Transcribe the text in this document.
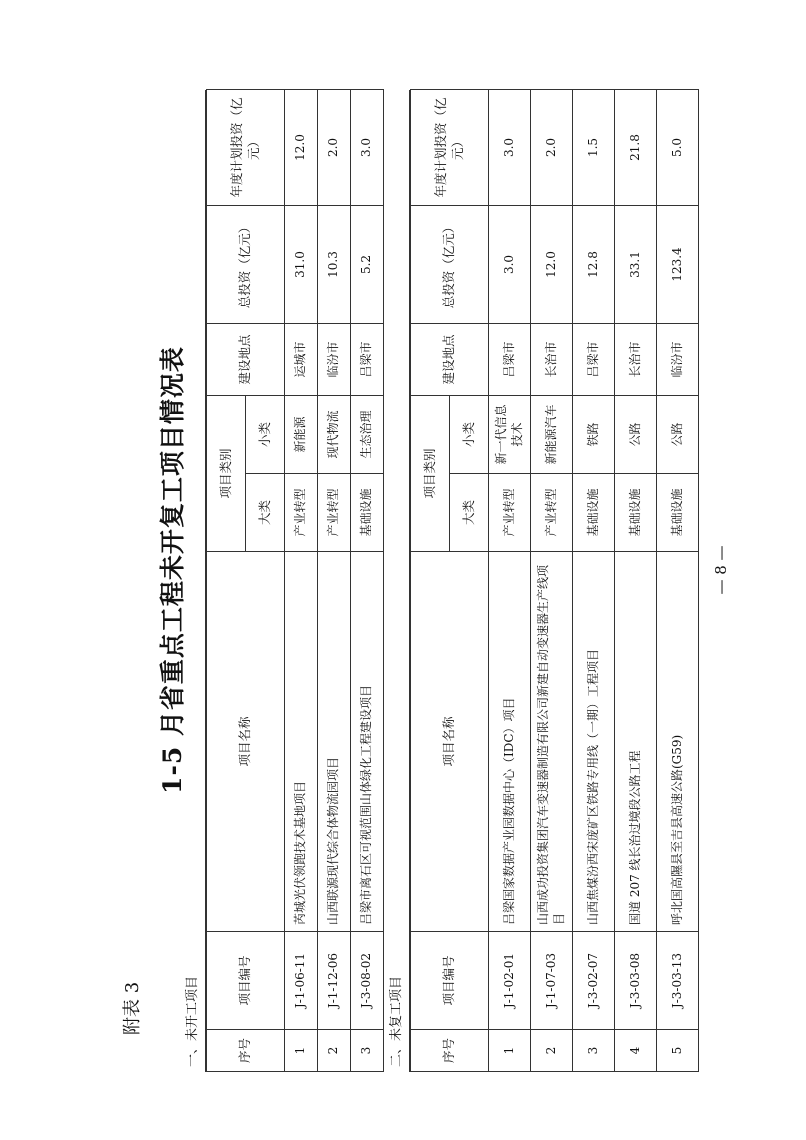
附表 3
1-5 月省重点工程未开复工项目情况表
一、未开工项目	序号	项目编号	项目名称	项目类别		建设地点	总投资（亿元）	年度计划投资（亿元）
			大类	小类			
1	J-1-06-11	芮城光伏领跑技术基地项目	产业转型	新能源	运城市	31.0	12.0
2	J-1-12-06	山西联源现代综合体物流园项目	产业转型	现代物流	临汾市	10.3	2.0
3	J-3-08-02	吕梁市离石区可视范围山体绿化工程建设项目	基础设施	生态治理	吕梁市	5.2	3.0
二、未复工项目	序号	项目编号	项目名称	项目类别		建设地点	总投资（亿元）	年度计划投资（亿元）
			大类	小类			
1	J-1-02-01	吕梁国家数据产业园数据中心（IDC）项目	产业转型	新一代信息技术	吕梁市	3.0	3.0
2	J-1-07-03	山西成功投资集团汽车变速器制造有限公司新建自动变速器生产线项目	产业转型	新能源汽车	长治市	12.0	2.0
3	J-3-02-07	山西焦煤汾西宋庞矿区铁路专用线（一期）工程项目	基础设施	铁路	吕梁市	12.8	1.5
4	J-3-03-08	国道 207 线长治过境段公路工程	基础设施	公路	长治市	33.1	21.8
5	J-3-03-13	呼北国高隰县至吉县高速公路(G59)	基础设施	公路	临汾市	123.4	5.0
— 8 —
